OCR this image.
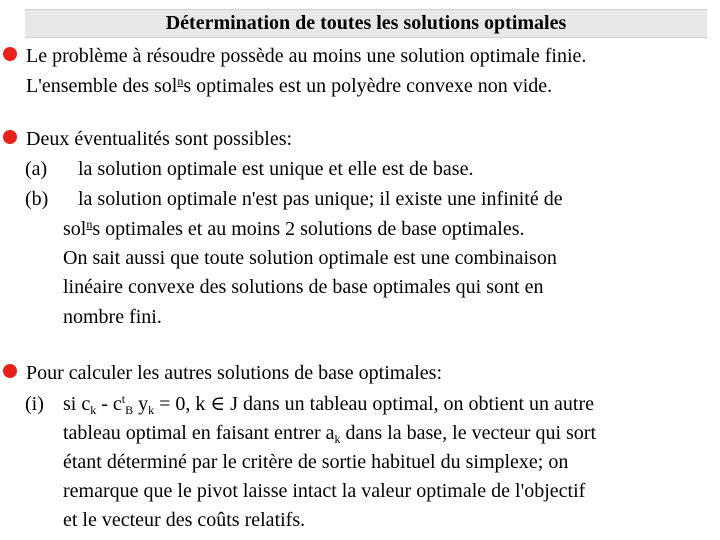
Détermination de toutes les solutions optimales
Le problème à résoudre possède au moins une solution optimale finie.
L'ensemble des sol$^n$s optimales est un polyèdre convexe non vide.
Deux éventualités sont possibles:
(a) la solution optimale est unique et elle est de base.
(b) la solution optimale n'est pas unique; il existe une infinité de
sol$^n$s optimales et au moins 2 solutions de base optimales.
On sait aussi que toute solution optimale est une combinaison
linéaire convexe des solutions de base optimales qui sont en
nombre fini.
Pour calculer les autres solutions de base optimales:
(i) si $c_k - c^t_B$ $y_k = 0$, k ∈ J dans un tableau optimal, on obtient un autre
tableau optimal en faisant entrer $a_k$ dans la base, le vecteur qui sort
étant déterminé par le critère de sortie habituel du simplexe; on
remarque que le pivot laisse intact la valeur optimale de l'objectif
et le vecteur des coûts relatifs.
